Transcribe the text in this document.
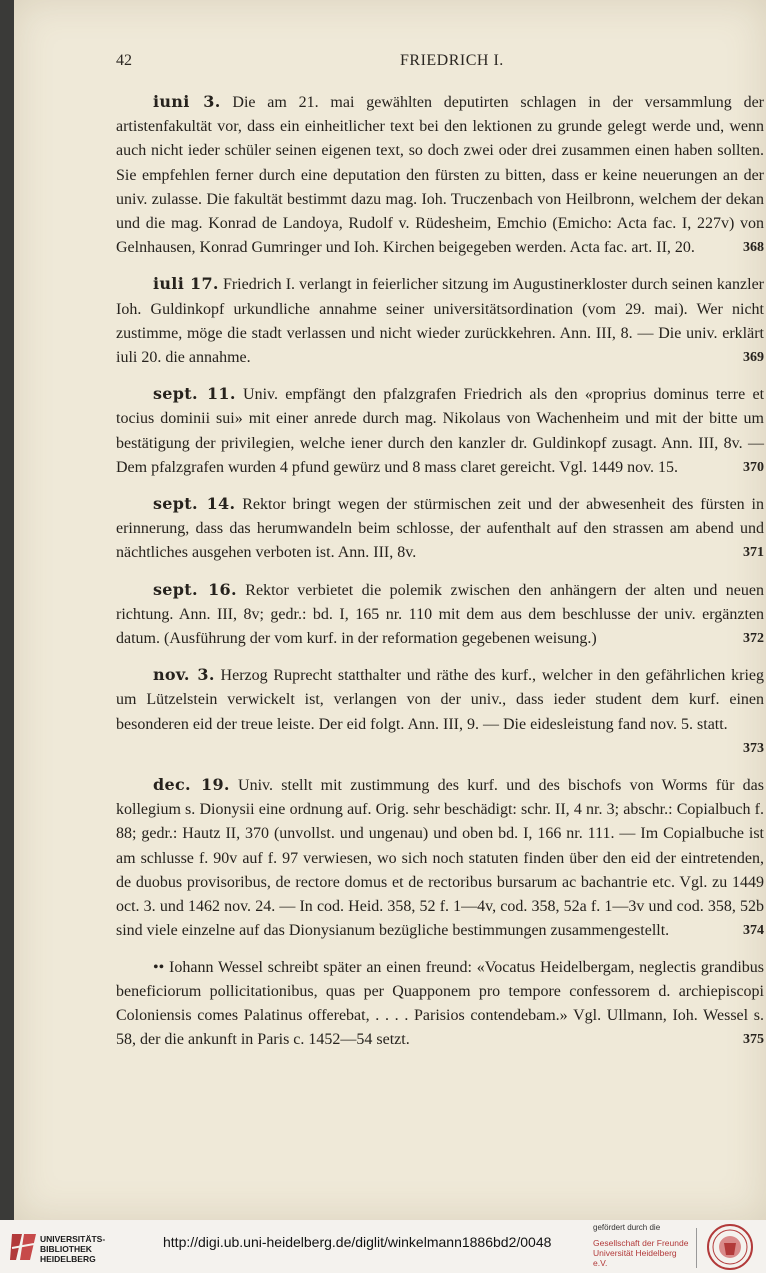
42	FRIEDRICH I.

iuni 3. Die am 21. mai gewählten deputirten schlagen in der versammlung der artistenfakultät vor, dass ein einheitlicher text bei den lektionen zu grunde gelegt werde und, wenn auch nicht ieder schüler seinen eigenen text, so doch zwei oder drei zusammen einen haben sollten. Sie empfehlen ferner durch eine deputation den fürsten zu bitten, dass er keine neuerungen an der univ. zulasse. Die fakultät bestimmt dazu mag. Ioh. Truczenbach von Heilbronn, welchem der dekan und die mag. Konrad de Landoya, Rudolf v. Rüdesheim, Emchio (Emicho: Acta fac. I, 227v) von Gelnhausen, Konrad Gumringer und Ioh. Kirchen beigegeben werden. Acta fac. art. II, 20.	368

iuli 17. Friedrich I. verlangt in feierlicher sitzung im Augustinerkloster durch seinen kanzler Ioh. Guldinkopf urkundliche annahme seiner universitätsordination (vom 29. mai). Wer nicht zustimme, möge die stadt verlassen und nicht wieder zurückkehren. Ann. III, 8. — Die univ. erklärt iuli 20. die annahme.	369

sept. 11. Univ. empfängt den pfalzgrafen Friedrich als den «proprius dominus terre et tocius dominii sui» mit einer anrede durch mag. Nikolaus von Wachenheim und mit der bitte um bestätigung der privilegien, welche iener durch den kanzler dr. Guldinkopf zusagt. Ann. III, 8v. — Dem pfalzgrafen wurden 4 pfund gewürz und 8 mass claret gereicht. Vgl. 1449 nov. 15.	370

sept. 14. Rektor bringt wegen der stürmischen zeit und der abwesenheit des fürsten in erinnerung, dass das herumwandeln beim schlosse, der aufenthalt auf den strassen am abend und nächtliches ausgehen verboten ist. Ann. III, 8v.	371

sept. 16. Rektor verbietet die polemik zwischen den anhängern der alten und neuen richtung. Ann. III, 8v; gedr.: bd. I, 165 nr. 110 mit dem aus dem beschlusse der univ. ergänzten datum. (Ausführung der vom kurf. in der reformation gegebenen weisung.)	372

nov. 3. Herzog Ruprecht statthalter und räthe des kurf., welcher in den gefährlichen krieg um Lützelstein verwickelt ist, verlangen von der univ., dass ieder student dem kurf. einen besonderen eid der treue leiste. Der eid folgt. Ann. III, 9. — Die eidesleistung fand nov. 5. statt.
373

dec. 19. Univ. stellt mit zustimmung des kurf. und des bischofs von Worms für das kollegium s. Dionysii eine ordnung auf. Orig. sehr beschädigt: schr. II, 4 nr. 3; abschr.: Copialbuch f. 88; gedr.: Hautz II, 370 (unvollst. und ungenau) und oben bd. I, 166 nr. 111. — Im Copialbuche ist am schlusse f. 90v auf f. 97 verwiesen, wo sich noch statuten finden über den eid der eintretenden, de duobus provisoribus, de rectore domus et de rectoribus bursarum ac bachantrie etc. Vgl. zu 1449 oct. 3. und 1462 nov. 24. — In cod. Heid. 358, 52 f. 1—4v, cod. 358, 52a f. 1—3v und cod. 358, 52b sind viele einzelne auf das Dionysianum bezügliche bestimmungen zusammengestellt.	374

•• Iohann Wessel schreibt später an einen freund: «Vocatus Heidelbergam, neglectis grandibus beneficiorum pollicitationibus, quas per Quapponem pro tempore confessorem d. archiepiscopi Coloniensis comes Palatinus offerebat, . . . . Parisios contendebam.» Vgl. Ullmann, Ioh. Wessel s. 58, der die ankunft in Paris c. 1452—54 setzt.	375

UNIVERSITÄTS- BIBLIOTHEK HEIDELBERG
http://digi.ub.uni-heidelberg.de/diglit/winkelmann1886bd2/0048
gefördert durch die
Gesellschaft der Freunde Universität Heidelberg e.V.
